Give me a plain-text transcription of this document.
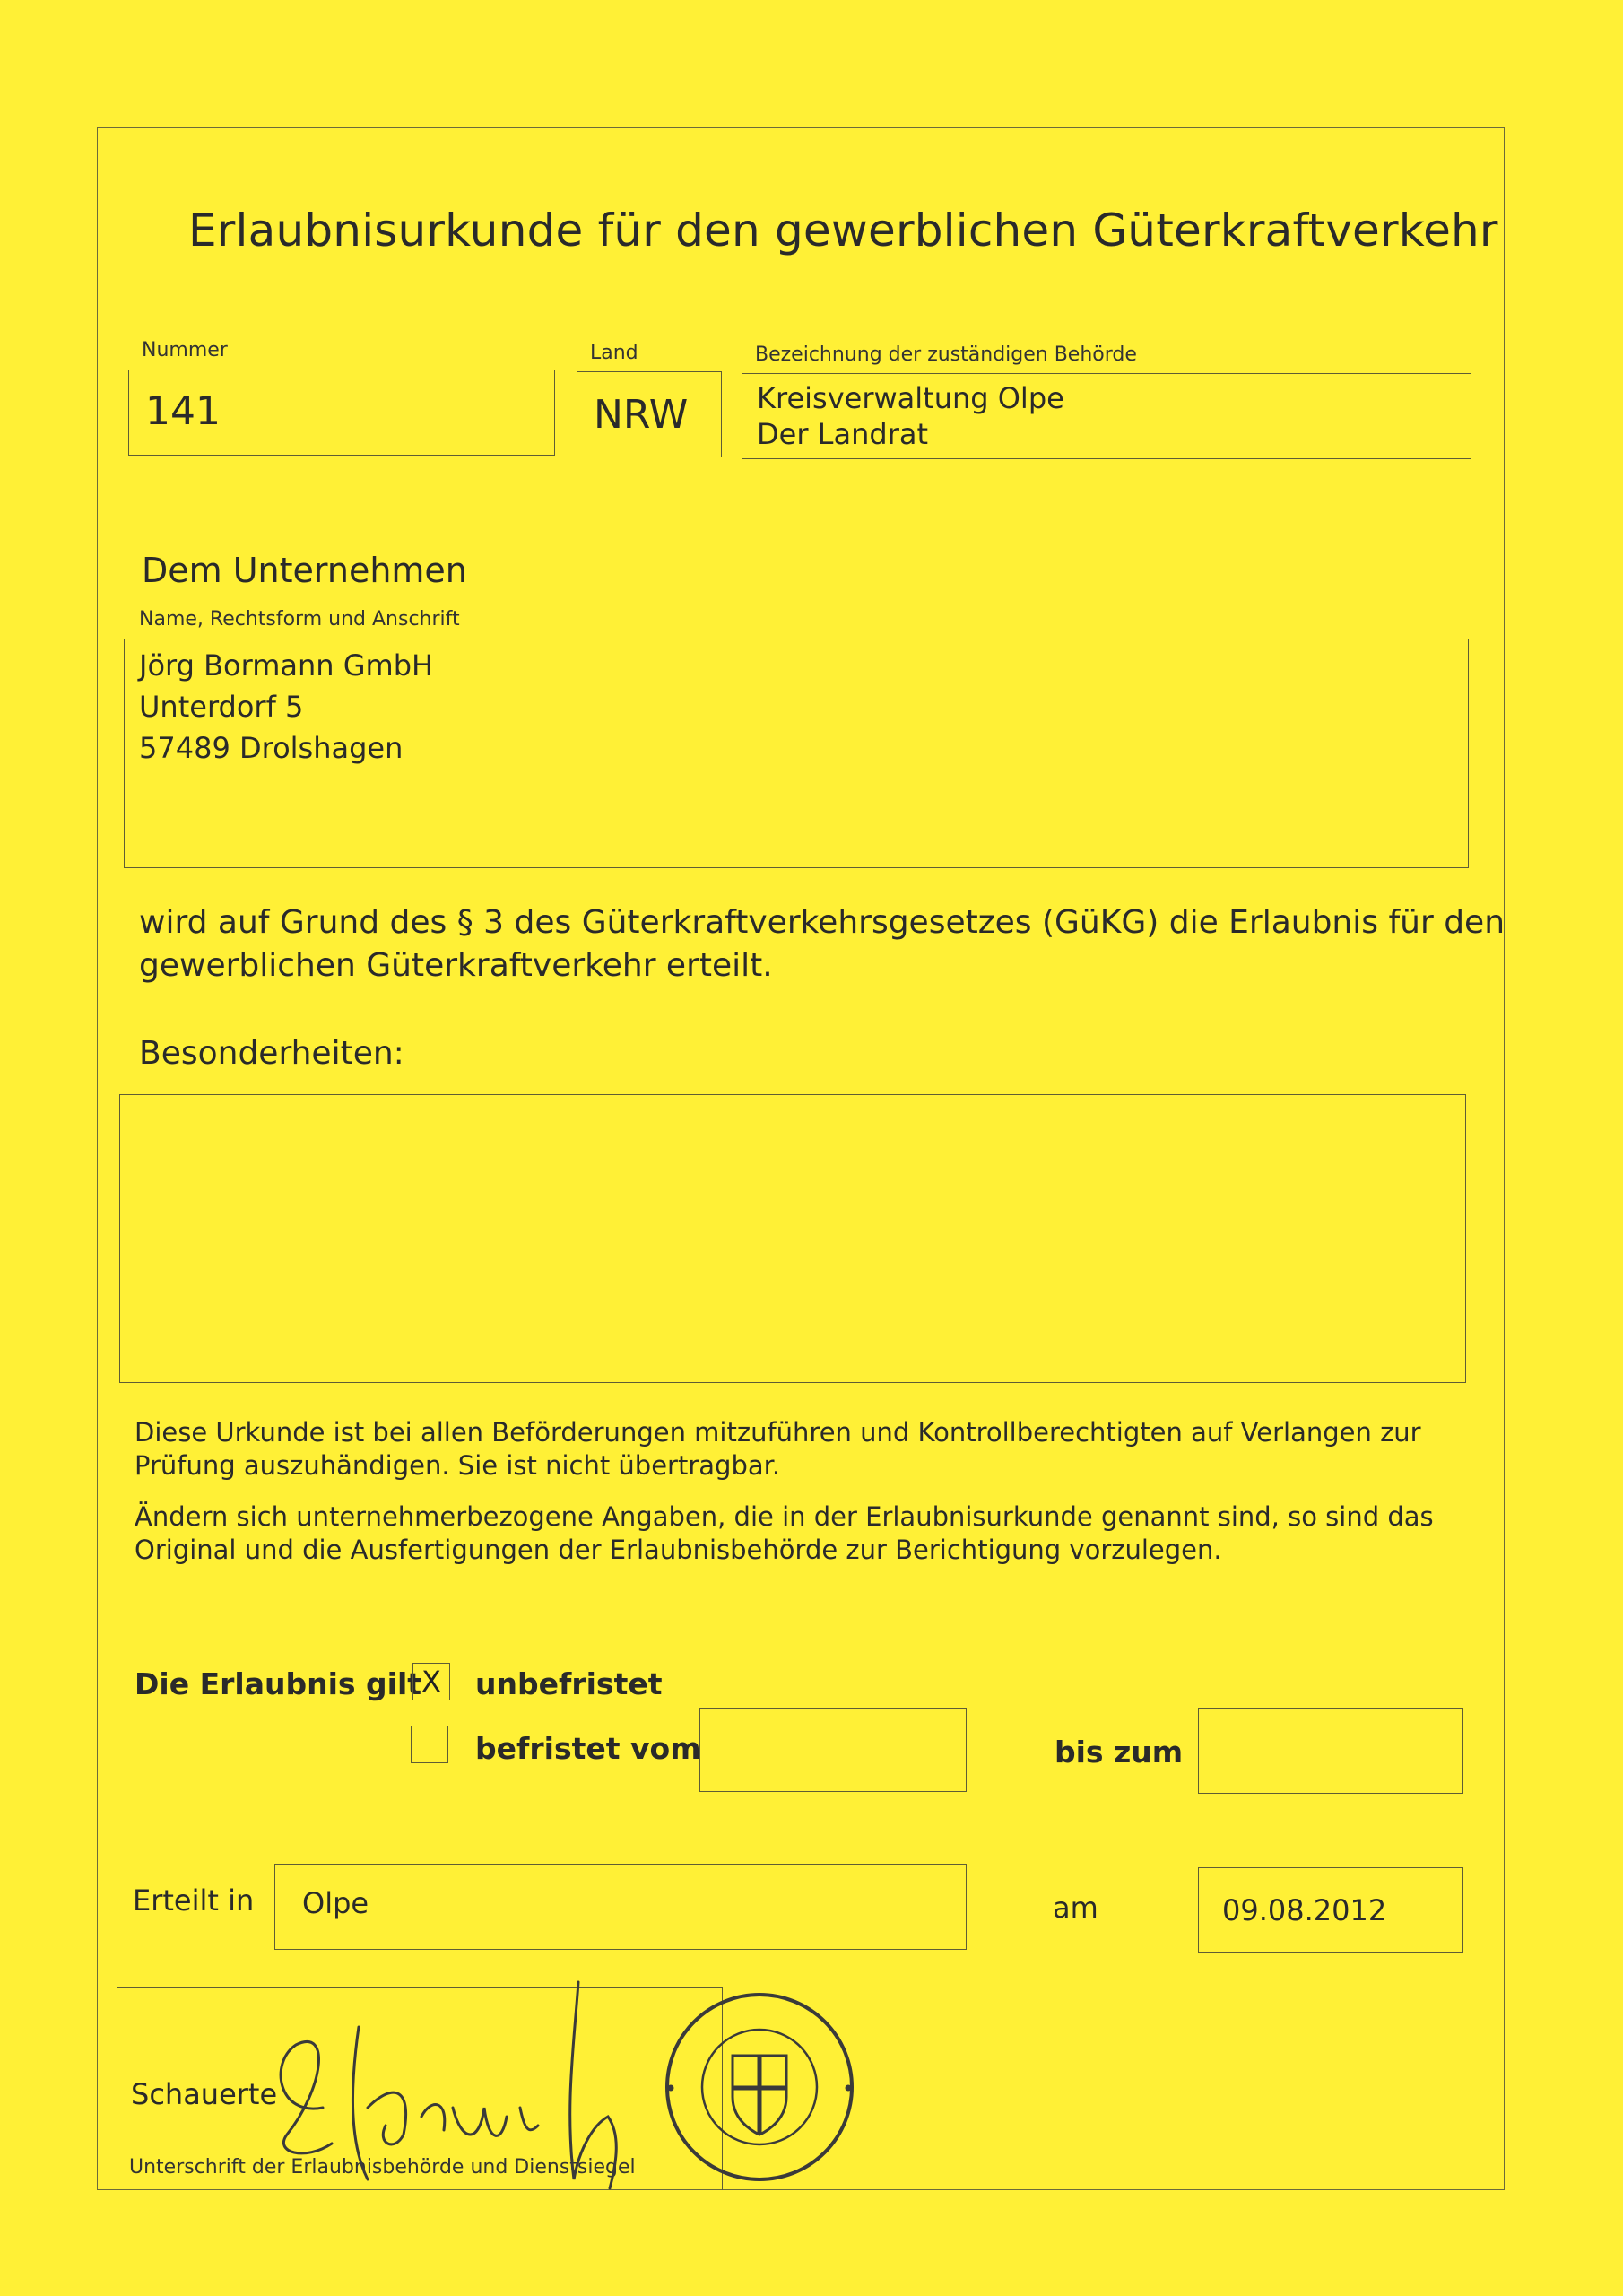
Erlaubnisurkunde für den gewerblichen Güterkraftverkehr
Nummer
141
Land
NRW
Bezeichnung der zuständigen Behörde
Kreisverwaltung Olpe
Der Landrat
Dem Unternehmen
Name, Rechtsform und Anschrift
Jörg Bormann GmbH
Unterdorf 5
57489 Drolshagen
wird auf Grund des § 3 des Güterkraftverkehrsgesetzes (GüKG) die Erlaubnis für den
gewerblichen Güterkraftverkehr erteilt.
Besonderheiten:
Diese Urkunde ist bei allen Beförderungen mitzuführen und Kontrollberechtigten auf Verlangen zur
Prüfung auszuhändigen. Sie ist nicht übertragbar.
Ändern sich unternehmerbezogene Angaben, die in der Erlaubnisurkunde genannt sind, so sind das
Original und die Ausfertigungen der Erlaubnisbehörde zur Berichtigung vorzulegen.
Die Erlaubnis gilt X	unbefristet
befristet vom	bis zum
Erteilt in Olpe	am	09.08.2012
Schauerte
Unterschrift der Erlaubnisbehörde und Dienstsiegel
